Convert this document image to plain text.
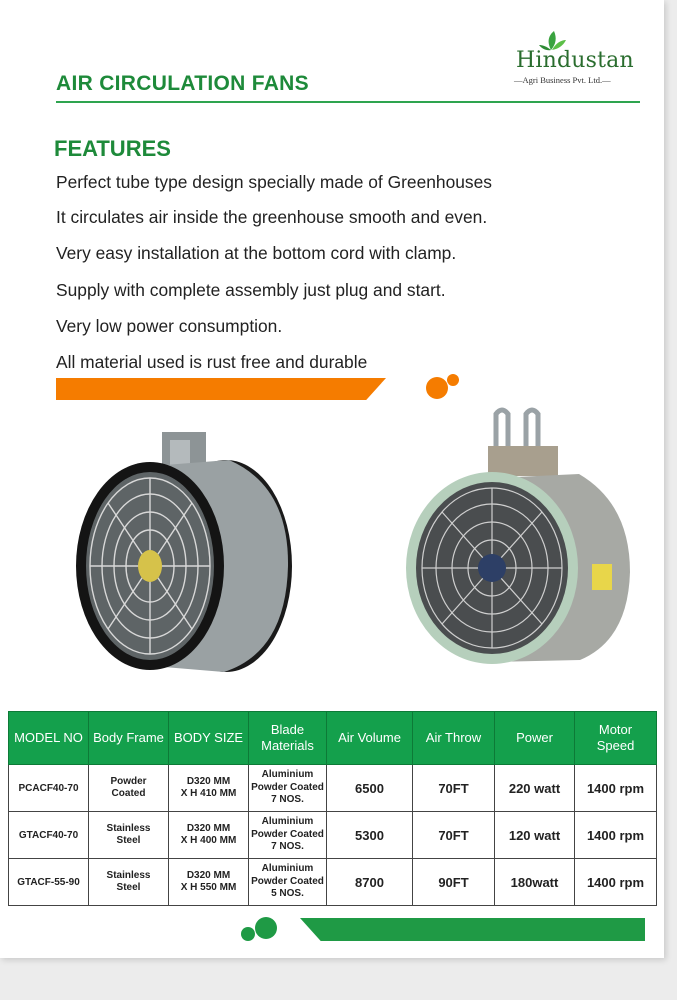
Hindustan
—Agri Business Pvt. Ltd.—
AIR CIRCULATION FANS
FEATURES
Perfect tube type design specially made of Greenhouses
It circulates air inside the greenhouse smooth and even.
Very easy installation at the bottom cord with clamp.
Supply with complete assembly just plug and start.
Very low power consumption.
All material used is rust free and durable
MODEL NO	Body Frame	BODY SIZE	Blade
Materials	Air Volume	Air Throw	Power	Motor
Speed
PCACF40-70	Powder
Coated	D320 MM
X H 410 MM	Aluminium
Powder Coated
7 NOS.	6500	70FT	220 watt	1400 rpm
GTACF40-70	Stainless
Steel	D320 MM
X H 400 MM	Aluminium
Powder Coated
7 NOS.	5300	70FT	120 watt	1400 rpm
GTACF-55-90	Stainless
Steel	D320 MM
X H 550 MM	Aluminium
Powder Coated
5 NOS.	8700	90FT	180watt	1400 rpm
